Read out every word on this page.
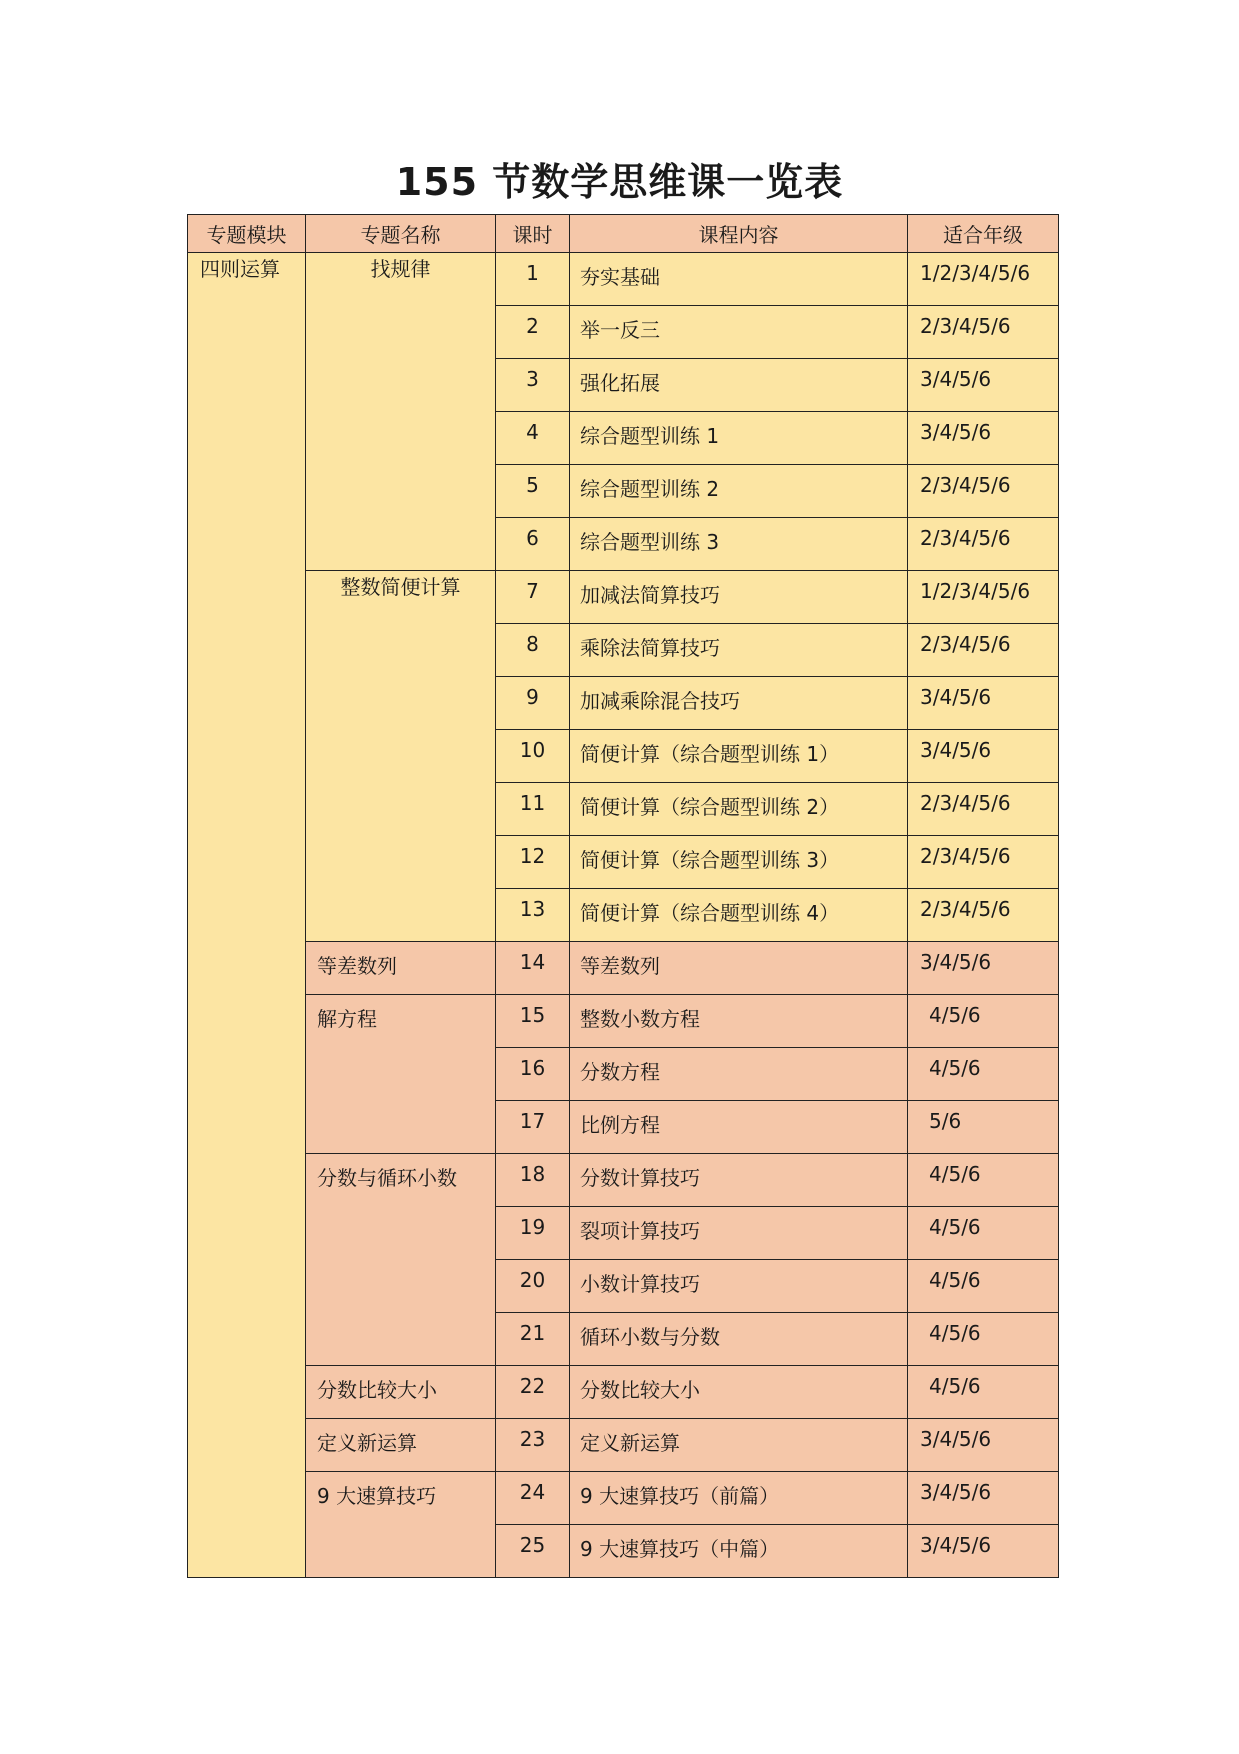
155 节数学思维课一览表
专题模块	专题名称	课时	课程内容	适合年级

四则运算	找规律	1	夯实基础	1/2/3/4/5/6

		2	举一反三	2/3/4/5/6

		3	强化拓展	3/4/5/6

		4	综合题型训练 1	3/4/5/6

		5	综合题型训练 2	2/3/4/5/6

		6	综合题型训练 3	2/3/4/5/6

	整数简便计算	7	加减法简算技巧	1/2/3/4/5/6

		8	乘除法简算技巧	2/3/4/5/6

		9	加减乘除混合技巧	3/4/5/6

		10	简便计算（综合题型训练 1）	3/4/5/6

		11	简便计算（综合题型训练 2）	2/3/4/5/6

		12	简便计算（综合题型训练 3）	2/3/4/5/6

		13	简便计算（综合题型训练 4）	2/3/4/5/6

	等差数列	14	等差数列	3/4/5/6

	解方程	15	整数小数方程	4/5/6

		16	分数方程	4/5/6

		17	比例方程	5/6

	分数与循环小数	18	分数计算技巧	4/5/6

		19	裂项计算技巧	4/5/6

		20	小数计算技巧	4/5/6

		21	循环小数与分数	4/5/6

	分数比较大小	22	分数比较大小	4/5/6

	定义新运算	23	定义新运算	3/4/5/6

	9 大速算技巧	24	9 大速算技巧（前篇）	3/4/5/6

		25	9 大速算技巧（中篇）	3/4/5/6
